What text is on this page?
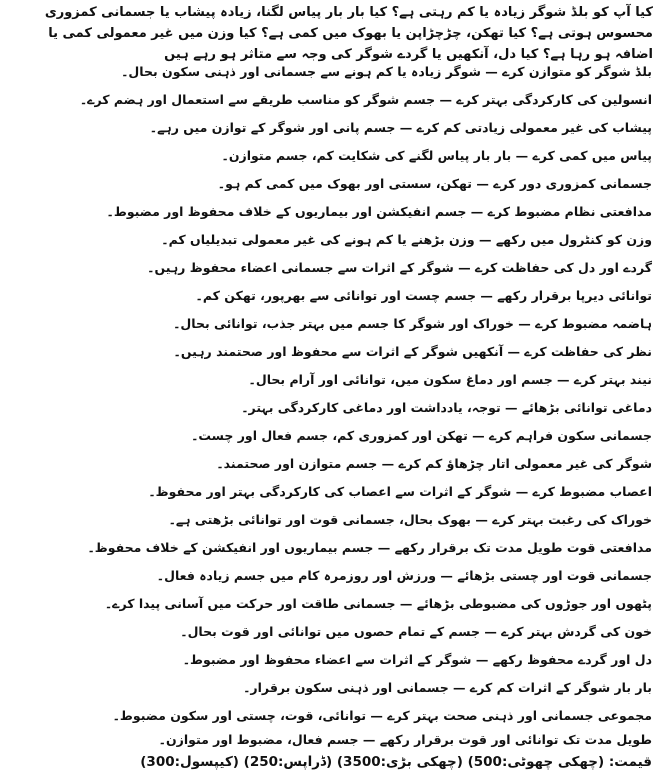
کیا آپ کو بلڈ شوگر زیادہ یا کم رہتی ہے؟ کیا بار بار پیاس لگنا، زیادہ پیشاب یا جسمانی کمزوری محسوس ہوتی ہے؟ کیا تھکن، چڑچڑاپن یا بھوک میں کمی ہے؟ کیا وزن میں غیر معمولی کمی یا اضافہ ہو رہا ہے؟ کیا دل، آنکھیں یا گردے شوگر کی وجہ سے متاثر ہو رہے ہیں
بلڈ شوگر کو متوازن کرے — شوگر زیادہ یا کم ہونے سے جسمانی اور ذہنی سکون بحال۔
انسولین کی کارکردگی بہتر کرے — جسم شوگر کو مناسب طریقے سے استعمال اور ہضم کرے۔
پیشاب کی غیر معمولی زیادتی کم کرے — جسم پانی اور شوگر کے توازن میں رہے۔
پیاس میں کمی کرے — بار بار پیاس لگنے کی شکایت کم، جسم متوازن۔
جسمانی کمزوری دور کرے — تھکن، سستی اور بھوک میں کمی کم ہو۔
مدافعتی نظام مضبوط کرے — جسم انفیکشن اور بیماریوں کے خلاف محفوظ اور مضبوط۔
وزن کو کنٹرول میں رکھے — وزن بڑھنے یا کم ہونے کی غیر معمولی تبدیلیاں کم۔
گردے اور دل کی حفاظت کرے — شوگر کے اثرات سے جسمانی اعضاء محفوظ رہیں۔
توانائی دیرپا برقرار رکھے — جسم چست اور توانائی سے بھرپور، تھکن کم۔
ہاضمہ مضبوط کرے — خوراک اور شوگر کا جسم میں بہتر جذب، توانائی بحال۔
نظر کی حفاظت کرے — آنکھیں شوگر کے اثرات سے محفوظ اور صحتمند رہیں۔
نیند بہتر کرے — جسم اور دماغ سکون میں، توانائی اور آرام بحال۔
دماغی توانائی بڑھائے — توجہ، یادداشت اور دماغی کارکردگی بہتر۔
جسمانی سکون فراہم کرے — تھکن اور کمزوری کم، جسم فعال اور چست۔
شوگر کی غیر معمولی اتار چڑھاؤ کم کرے — جسم متوازن اور صحتمند۔
اعصاب مضبوط کرے — شوگر کے اثرات سے اعصاب کی کارکردگی بہتر اور محفوظ۔
خوراک کی رغبت بہتر کرے — بھوک بحال، جسمانی قوت اور توانائی بڑھتی ہے۔
مدافعتی قوت طویل مدت تک برقرار رکھے — جسم بیماریوں اور انفیکشن کے خلاف محفوظ۔
جسمانی قوت اور چستی بڑھائے — ورزش اور روزمرہ کام میں جسم زیادہ فعال۔
پٹھوں اور جوڑوں کی مضبوطی بڑھائے — جسمانی طاقت اور حرکت میں آسانی پیدا کرے۔
خون کی گردش بہتر کرے — جسم کے تمام حصوں میں توانائی اور قوت بحال۔
دل اور گردے محفوظ رکھے — شوگر کے اثرات سے اعضاء محفوظ اور مضبوط۔
بار بار شوگر کے اثرات کم کرے — جسمانی اور ذہنی سکون برقرار۔
مجموعی جسمانی اور ذہنی صحت بہتر کرے — توانائی، قوت، چستی اور سکون مضبوط۔
طویل مدت تک توانائی اور قوت برقرار رکھے — جسم فعال، مضبوط اور متوازن۔
قیمت: (چھکی چھوٹی:500) (چھکی بڑی:3500) (ڈراپس:250) (کیپسول:300)
